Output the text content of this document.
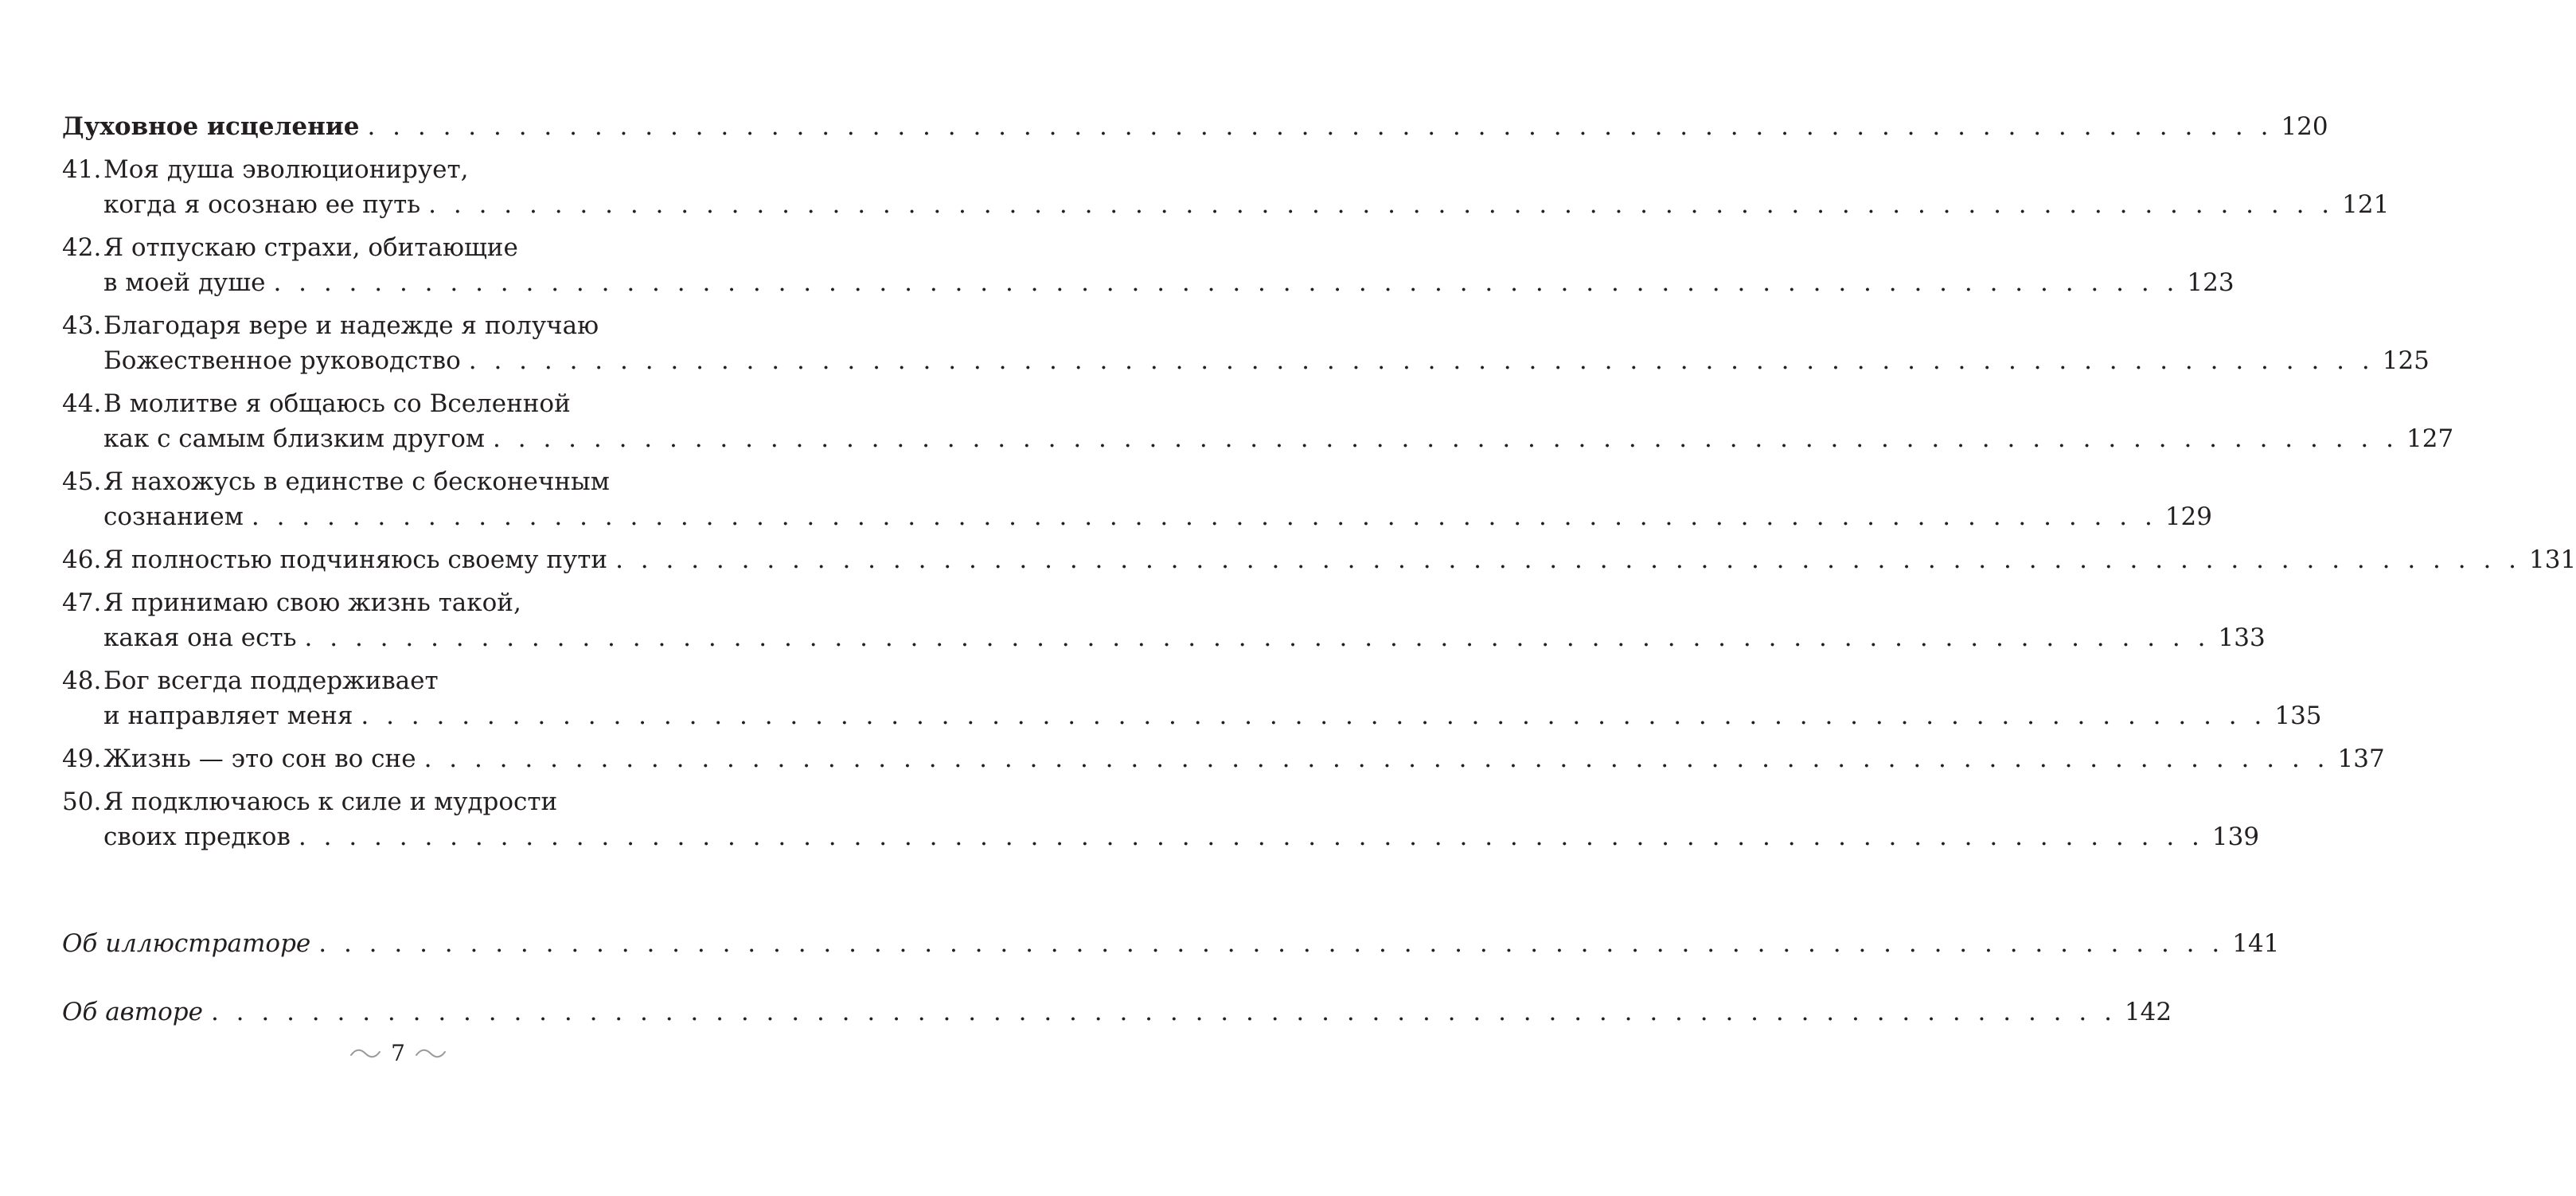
Духовное исцеление . . . . . . . . . . . . . . . . . . . . . . . . . . . . . . . . . . . . . . . . . . . . . . . . . . . . . . . . . . . . . . . . . . . . . . . . . . . . 120
41. Моя душа эволюционирует,
когда я осознаю ее путь . . . . . . . . . . . . . . . . . . . . . . . . . . . . . . . . . . . . . . . . . . . . . . . . . . . . . . . . . . . . . . . . . . . . . . . . . . . . 121
42. Я отпускаю страхи, обитающие
в моей душе . . . . . . . . . . . . . . . . . . . . . . . . . . . . . . . . . . . . . . . . . . . . . . . . . . . . . . . . . . . . . . . . . . . . . . . . . . . . 123
43. Благодаря вере и надежде я получаю
Божественное руководство . . . . . . . . . . . . . . . . . . . . . . . . . . . . . . . . . . . . . . . . . . . . . . . . . . . . . . . . . . . . . . . . . . . . . . . . . . . . 125
44. В молитве я общаюсь со Вселенной
как с самым близким другом . . . . . . . . . . . . . . . . . . . . . . . . . . . . . . . . . . . . . . . . . . . . . . . . . . . . . . . . . . . . . . . . . . . . . . . . . . . . 127
45. Я нахожусь в единстве с бесконечным
сознанием . . . . . . . . . . . . . . . . . . . . . . . . . . . . . . . . . . . . . . . . . . . . . . . . . . . . . . . . . . . . . . . . . . . . . . . . . . . . 129
46. Я полностью подчиняюсь своему пути . . . . . . . . . . . . . . . . . . . . . . . . . . . . . . . . . . . . . . . . . . . . . . . . . . . . . . . . . . . . . . . . . . . . . . . . . . . . 131
47. Я принимаю свою жизнь такой,
какая она есть . . . . . . . . . . . . . . . . . . . . . . . . . . . . . . . . . . . . . . . . . . . . . . . . . . . . . . . . . . . . . . . . . . . . . . . . . . . . 133
48. Бог всегда поддерживает
и направляет меня . . . . . . . . . . . . . . . . . . . . . . . . . . . . . . . . . . . . . . . . . . . . . . . . . . . . . . . . . . . . . . . . . . . . . . . . . . . . 135
49. Жизнь — это сон во сне . . . . . . . . . . . . . . . . . . . . . . . . . . . . . . . . . . . . . . . . . . . . . . . . . . . . . . . . . . . . . . . . . . . . . . . . . . . . 137
50. Я подключаюсь к силе и мудрости
своих предков . . . . . . . . . . . . . . . . . . . . . . . . . . . . . . . . . . . . . . . . . . . . . . . . . . . . . . . . . . . . . . . . . . . . . . . . . . . . 139
Об иллюстраторе . . . . . . . . . . . . . . . . . . . . . . . . . . . . . . . . . . . . . . . . . . . . . . . . . . . . . . . . . . . . . . . . . . . . . . . . . . . . 141
Об авторе . . . . . . . . . . . . . . . . . . . . . . . . . . . . . . . . . . . . . . . . . . . . . . . . . . . . . . . . . . . . . . . . . . . . . . . . . . . . 142
7
